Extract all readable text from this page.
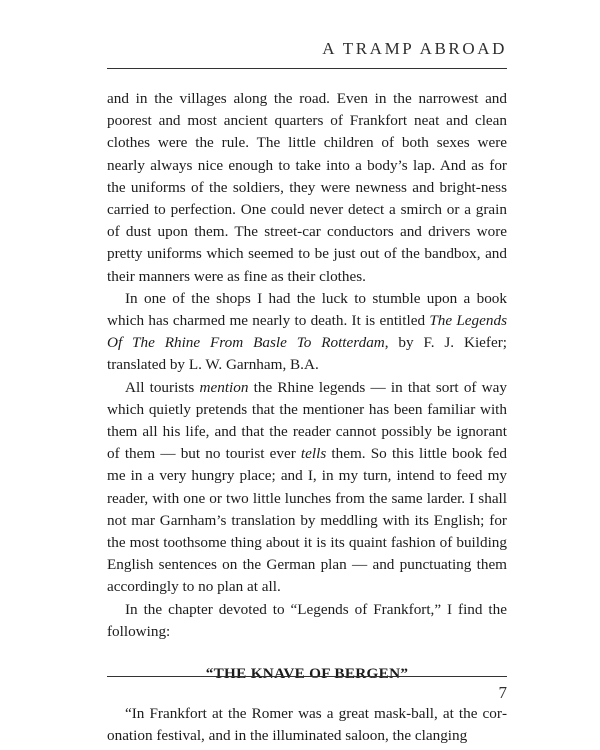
A TRAMP ABROAD

and in the villages along the road. Even in the narrowest and poorest and most ancient quarters of Frankfort neat and clean clothes were the rule. The little children of both sexes were nearly always nice enough to take into a body’s lap. And as for the uniforms of the soldiers, they were newness and bright-ness carried to perfection. One could never detect a smirch or a grain of dust upon them. The street-car conductors and drivers wore pretty uniforms which seemed to be just out of the bandbox, and their manners were as fine as their clothes.

In one of the shops I had the luck to stumble upon a book which has charmed me nearly to death. It is entitled The Legends Of The Rhine From Basle To Rotterdam, by F. J. Kiefer; translated by L. W. Garnham, B.A.

All tourists mention the Rhine legends — in that sort of way which quietly pretends that the mentioner has been familiar with them all his life, and that the reader cannot possibly be ignorant of them — but no tourist ever tells them. So this little book fed me in a very hungry place; and I, in my turn, intend to feed my reader, with one or two little lunches from the same larder. I shall not mar Garnham’s translation by meddling with its English; for the most toothsome thing about it is its quaint fashion of building English sentences on the German plan — and punctuating them accordingly to no plan at all.

In the chapter devoted to “Legends of Frankfort,” I find the following:

“THE KNAVE OF BERGEN”

“In Frankfort at the Romer was a great mask-ball, at the coronation festival, and in the illuminated saloon, the clanging

7
